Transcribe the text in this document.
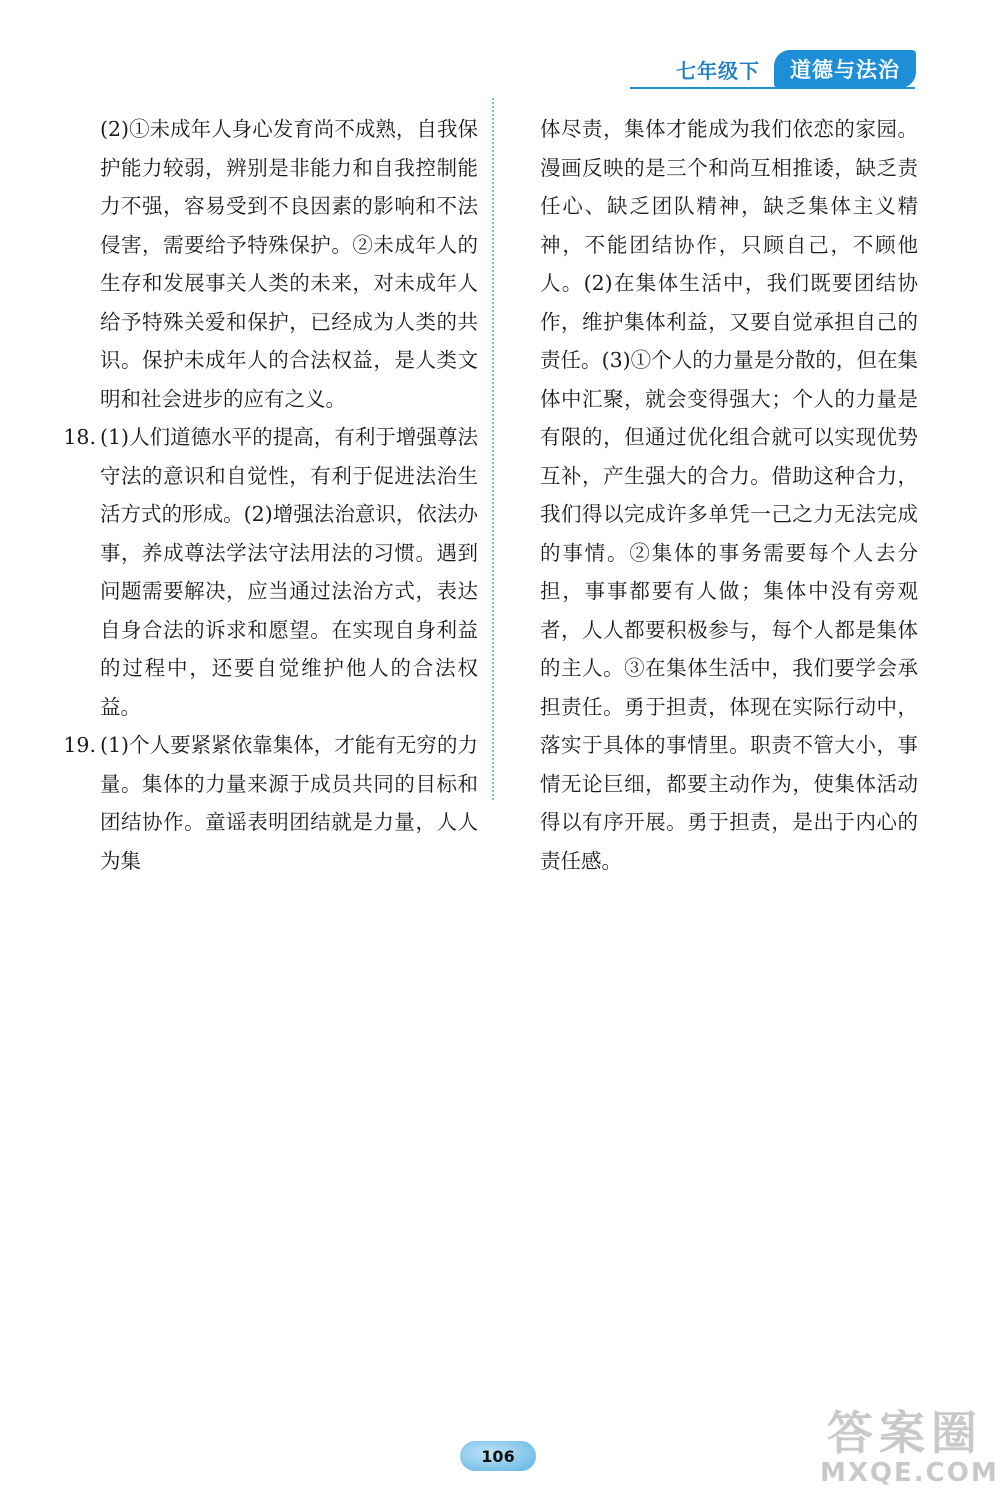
七年级下	道德与法治

(2)①未成年人身心发育尚不成熟，自我保护能力较弱，辨别是非能力和自我控制能力不强，容易受到不良因素的影响和不法侵害，需要给予特殊保护。②未成年人的生存和发展事关人类的未来，对未成年人给予特殊关爱和保护，已经成为人类的共识。保护未成年人的合法权益，是人类文明和社会进步的应有之义。

18. (1)人们道德水平的提高，有利于增强尊法守法的意识和自觉性，有利于促进法治生活方式的形成。(2)增强法治意识，依法办事，养成尊法学法守法用法的习惯。遇到问题需要解决，应当通过法治方式，表达自身合法的诉求和愿望。在实现自身利益的过程中，还要自觉维护他人的合法权益。

19. (1)个人要紧紧依靠集体，才能有无穷的力量。集体的力量来源于成员共同的目标和团结协作。童谣表明团结就是力量，人人为集

体尽责，集体才能成为我们依恋的家园。漫画反映的是三个和尚互相推诿，缺乏责任心、缺乏团队精神，缺乏集体主义精神，不能团结协作，只顾自己，不顾他人。(2)在集体生活中，我们既要团结协作，维护集体利益，又要自觉承担自己的责任。(3)①个人的力量是分散的，但在集体中汇聚，就会变得强大；个人的力量是有限的，但通过优化组合就可以实现优势互补，产生强大的合力。借助这种合力，我们得以完成许多单凭一己之力无法完成的事情。②集体的事务需要每个人去分担，事事都要有人做；集体中没有旁观者，人人都要积极参与，每个人都是集体的主人。③在集体生活中，我们要学会承担责任。勇于担责，体现在实际行动中，落实于具体的事情里。职责不管大小，事情无论巨细，都要主动作为，使集体活动得以有序开展。勇于担责，是出于内心的责任感。

106	答案圈
MXQE.COM
